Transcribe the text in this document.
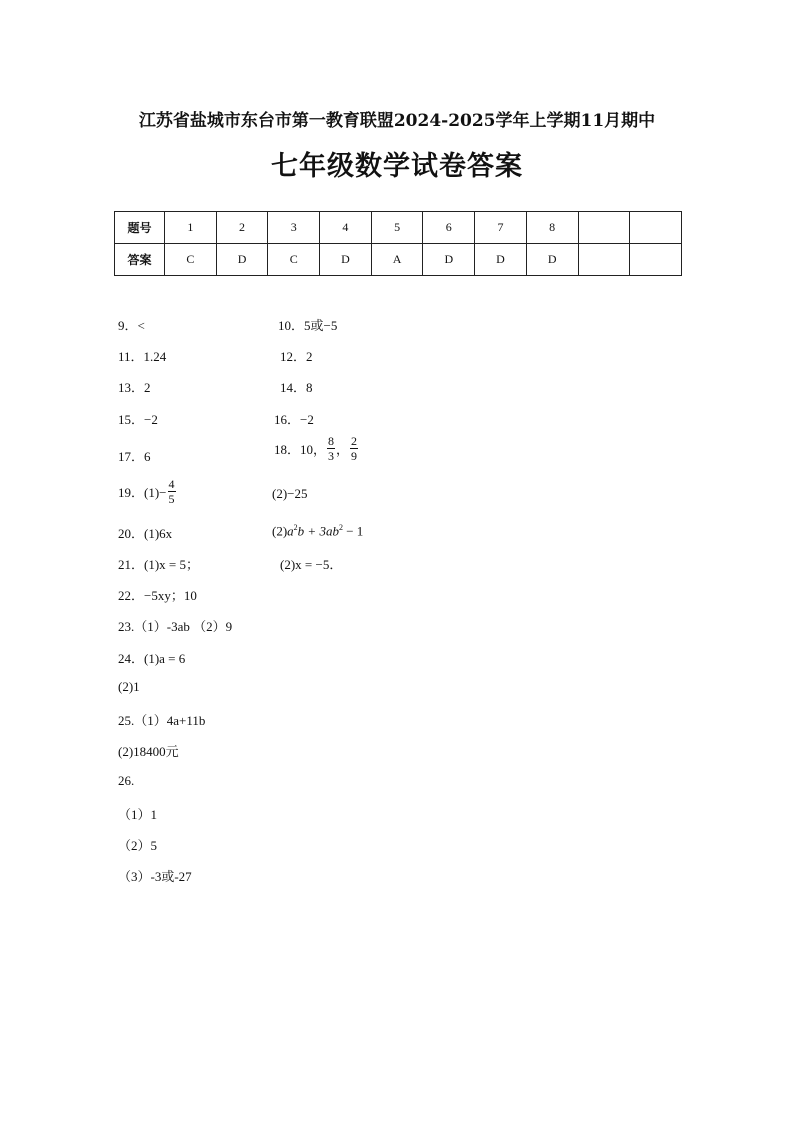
江苏省盐城市东台市第一教育联盟2024-2025学年上学期11月期中
七年级数学试卷答案
题号	1	2	3	4	5	6	7	8		
答案	C	D	C	D	A	D	D	D		
9．<	10．5或−5
11．1.24	12．2
13．2	14．8
15．−2	16．−2
17．6	18．10， $\frac{8}{3}$ ， $\frac{2}{9}$
19．$(1)- \frac{4}{5}$	(2)−25
20．(1)6x	$(2)a^2b + 3ab^2 - 1$
21．(1)x = 5；	(2)x = −5．
22．−5xy；10
23.（1）-3ab （2）9
24．(1)a = 6
(2)1
25.（1）4a+11b
(2)18400元
26.
（1）1
（2）5
（3）-3或-27
